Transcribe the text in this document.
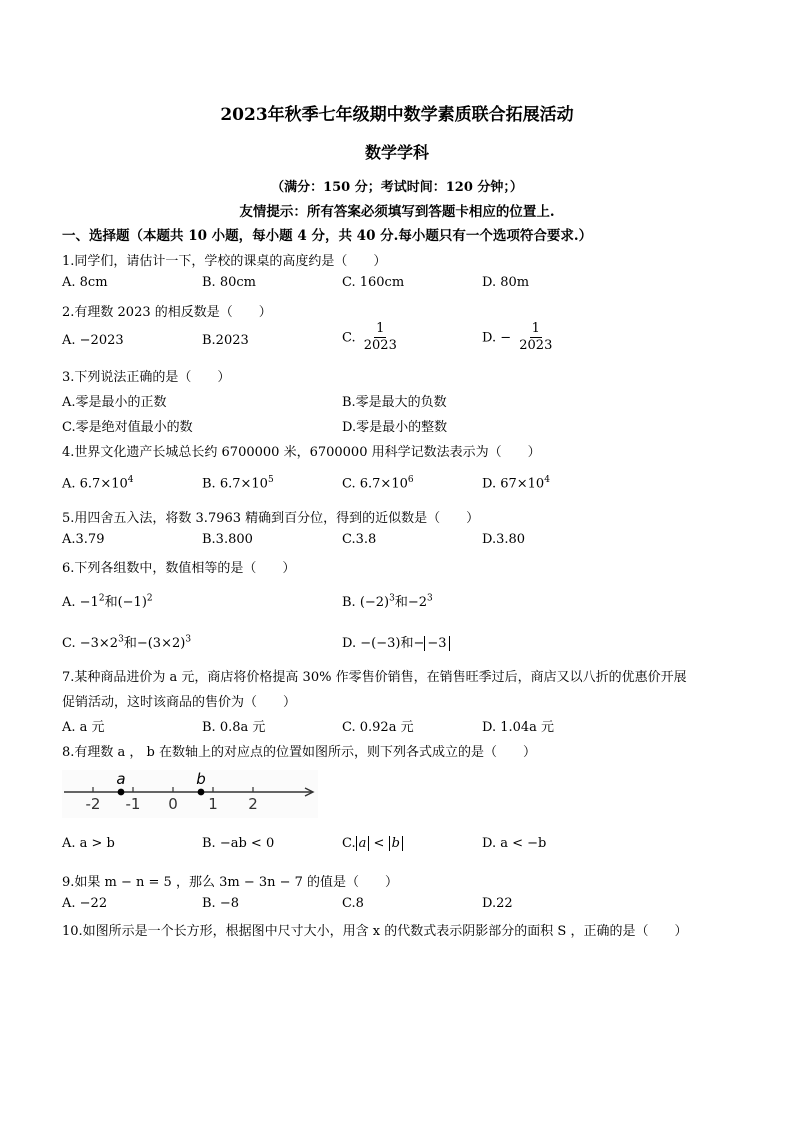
2023年秋季七年级期中数学素质联合拓展活动
数学学科
（满分：150 分；考试时间：120 分钟；）
友情提示：所有答案必须填写到答题卡相应的位置上.
一、选择题（本题共 10 小题，每小题 4 分，共 40 分.每小题只有一个选项符合要求.）
1.同学们，请估计一下，学校的课桌的高度约是（　　）
A. 8cm	B. 80cm	C. 160cm	D. 80m
2.有理数 2023 的相反数是（　　）
A. −2023	B.2023	C. $\frac{1}{2023}$	D. − $\frac{1}{2023}$
3.下列说法正确的是（　　）
A.零是最小的正数	B.零是最大的负数
C.零是绝对值最小的数	D.零是最小的整数
4.世界文化遗产长城总长约 6700000 米，6700000 用科学记数法表示为（　　）
A. $6.7\times 10^4$	B. $6.7\times 10^5$	C. $6.7\times 10^6$	D. $67\times 10^4$
5.用四舍五入法，将数 3.7963 精确到百分位，得到的近似数是（　　）
A.3.79	B.3.800	C.3.8	D.3.80
6.下列各组数中，数值相等的是（　　）
A. $-1^2$和$(-1)^2$	B. $(-2)^3$和$-2^3$
C. $-3\times 2^3$和$-(3\times 2)^3$	D. −(−3)和− −3
7.某种商品进价为 a 元，商店将价格提高 30% 作零售价销售，在销售旺季过后，商店又以八折的优惠价开展
促销活动，这时该商品的售价为（　　）
A. a 元	B. 0.8a 元	C. 0.92a 元	D. 1.04a 元
8.有理数 a ， b 在数轴上的对应点的位置如图所示，则下列各式成立的是（　　）
-2 -1 0 1 2
a	b
A. a > b	B. −ab < 0	C. a < b	D. a < −b
9.如果 m − n = 5 ，那么 3m − 3n − 7 的值是（　　）
A. −22	B. −8	C.8	D.22
10.如图所示是一个长方形，根据图中尺寸大小，用含 x 的代数式表示阴影部分的面积 S ，正确的是（　　）
